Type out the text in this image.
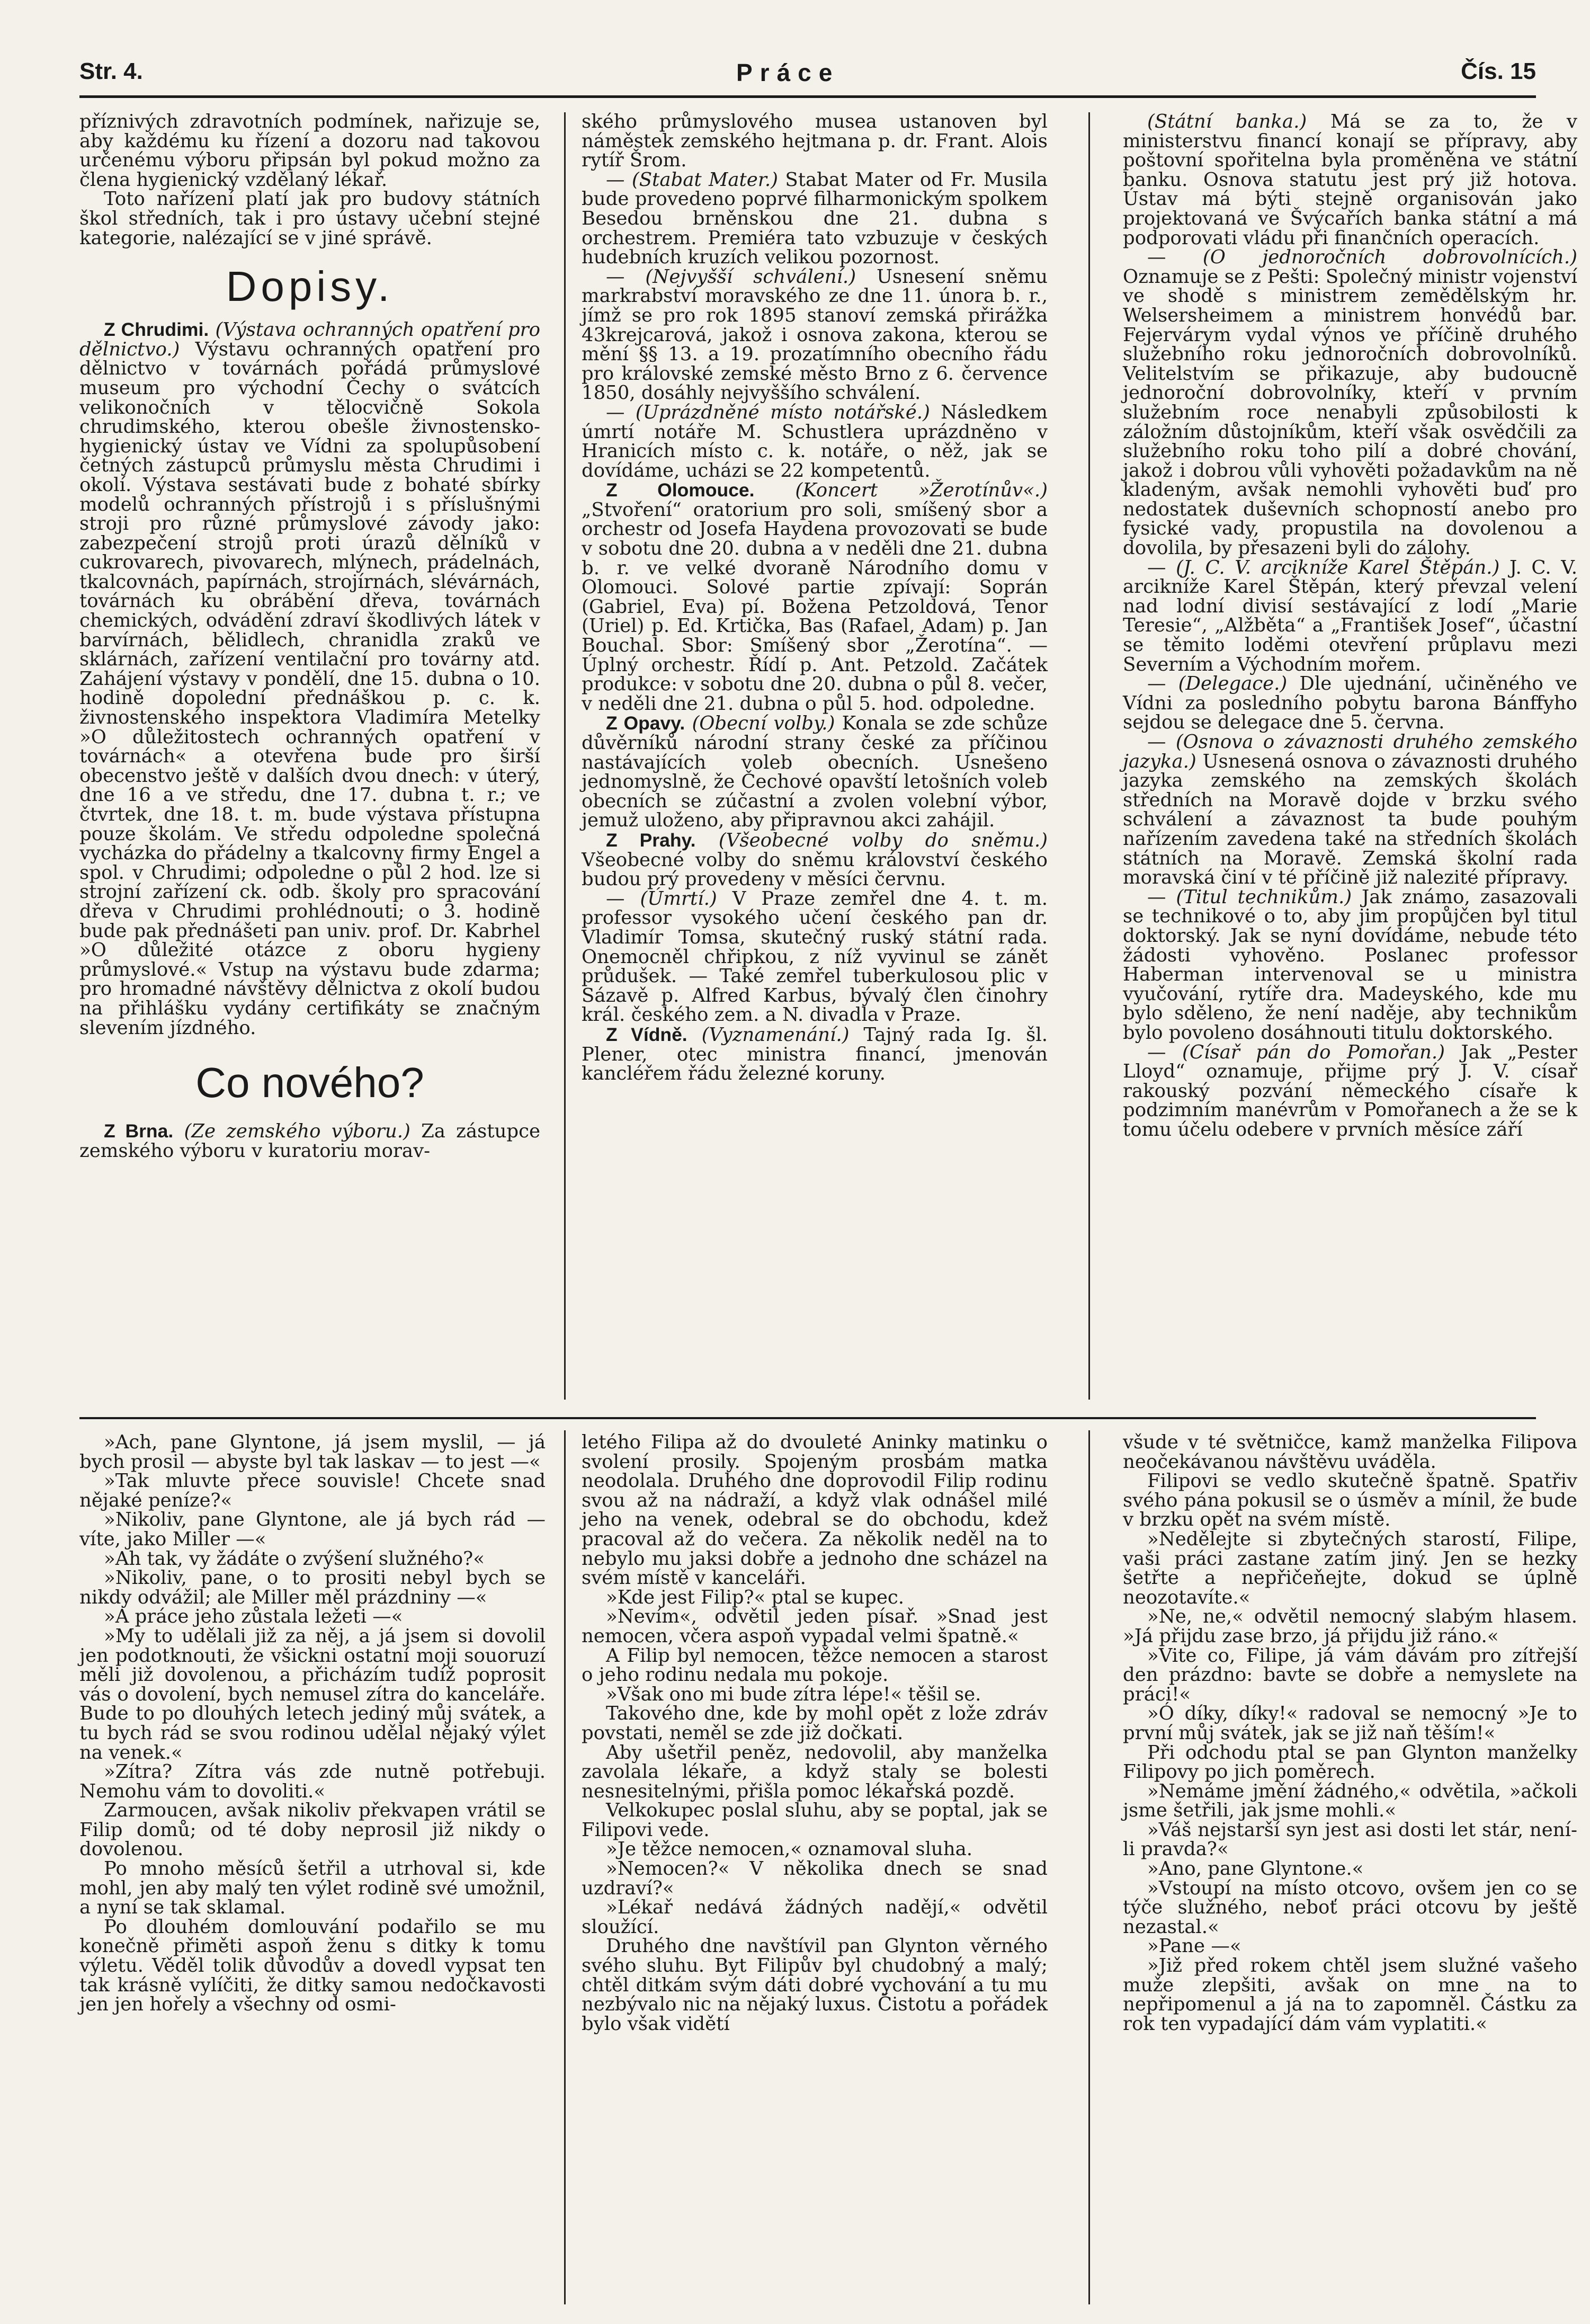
Str. 4.	Práce	Čís. 15

příznivých zdravotních podmínek, nařizuje se, aby každému ku řízení a dozoru nad takovou určenému výboru připsán byl pokud možno za člena hygienický vzdělaný lékař.

Toto nařízení platí jak pro budovy státních škol středních, tak i pro ústavy učební stejné kategorie, nalézající se v jiné správě.

Dopisy.

Z Chrudimi. (Výstava ochranných opatření pro dělnictvo.) Výstavu ochranných opatření pro dělnictvo v továrnách pořádá průmyslové museum pro východní Čechy o svátcích velikonočních v tělocvičně Sokola chrudimského, kterou obešle živnostensko-hygienický ústav ve Vídni za spolupůsobení četných zástupců průmyslu města Chrudimi i okolí. Výstava sestávati bude z bohaté sbírky modelů ochranných přístrojů i s příslušnými stroji pro různé průmyslové závody jako: zabezpečení strojů proti úrazů dělníků v cukrovarech, pivovarech, mlýnech, prádelnách, tkalcovnách, papírnách, strojírnách, slévárnách, továrnách ku obrábění dřeva, továrnách chemických, odvádění zdraví škodlivých látek v barvírnách, bělidlech, chranidla zraků ve sklárnách, zařízení ventilační pro továrny atd. Zahájení výstavy v pondělí, dne 15. dubna o 10. hodině dopolední přednáškou p. c. k. živnostenského inspektora Vladimíra Metelky »O důležitostech ochranných opatření v továrnách« a otevřena bude pro širší obecenstvo ještě v dalších dvou dnech: v úterý, dne 16 a ve středu, dne 17. dubna t. r.; ve čtvrtek, dne 18. t. m. bude výstava přístupna pouze školám. Ve středu odpoledne společná vycházka do přádelny a tkalcovny firmy Engel a spol. v Chrudimi; odpoledne o půl 2 hod. lze si strojní zařízení ck. odb. školy pro spracování dřeva v Chrudimi prohlédnouti; o 3. hodině bude pak přednášeti pan univ. prof. Dr. Kabrhel »O důležité otázce z oboru hygieny průmyslové.« Vstup na výstavu bude zdarma; pro hromadné návštěvy dělnictva z okolí budou na přihlášku vydány certifikáty se značným slevením jízdného.

Co nového?

Z Brna. (Ze zemského výboru.) Za zástupce zemského výboru v kuratoriu morav-

ského průmyslového musea ustanoven byl náměstek zemského hejtmana p. dr. Frant. Alois rytíř Šrom.

— (Stabat Mater.) Stabat Mater od Fr. Musila bude provedeno poprvé filharmonickým spolkem Besedou brněnskou dne 21. dubna s orchestrem. Premiéra tato vzbuzuje v českých hudebních kruzích velikou pozornost.

— (Nejvyšší schválení.) Usnesení sněmu markrabství moravského ze dne 11. února b. r., jímž se pro rok 1895 stanoví zemská přirážka 43krejcarová, jakož i osnova zakona, kterou se mění §§ 13. a 19. prozatímního obecního řádu pro královské zemské město Brno z 6. července 1850, dosáhly nejvyššího schválení.

— (Uprázdněné místo notářské.) Následkem úmrtí notáře M. Schustlera uprázdněno v Hranicích místo c. k. notáře, o něž, jak se dovídáme, ucházi se 22 kompetentů.

Z Olomouce. (Koncert »Žerotínův«.) „Stvoření“ oratorium pro soli, smíšený sbor a orchestr od Josefa Haydena provozovati se bude v sobotu dne 20. dubna a v neděli dne 21. dubna b. r. ve velké dvoraně Národního domu v Olomouci. Solové partie zpívají: Soprán (Gabriel, Eva) pí. Božena Petzoldová, Tenor (Uriel) p. Ed. Krtička, Bas (Rafael, Adam) p. Jan Bouchal. Sbor: Smíšený sbor „Žerotína“. — Úplný orchestr. Řídí p. Ant. Petzold. Začátek produkce: v sobotu dne 20. dubna o půl 8. večer, v neděli dne 21. dubna o půl 5. hod. odpoledne.

Z Opavy. (Obecní volby.) Konala se zde schůze důvěrníků národní strany české za příčinou nastávajících voleb obecních. Usnešeno jednomyslně, že Čechové opavští letošních voleb obecních se zúčastní a zvolen volební výbor, jemuž uloženo, aby připravnou akci zahájil.

Z Prahy. (Všeobecné volby do sněmu.) Všeobecné volby do sněmu království českého budou prý provedeny v měsíci červnu.

— (Úmrtí.) V Praze zemřel dne 4. t. m. professor vysokého učení českého pan dr. Vladimír Tomsa, skutečný ruský státní rada. Onemocněl chřipkou, z níž vyvinul se zánět průdušek. — Také zemřel tuberkulosou plic v Sázavě p. Alfred Karbus, bývalý člen činohry král. českého zem. a N. divadla v Praze.

Z Vídně. (Vyznamenání.) Tajný rada Ig. šl. Plener, otec ministra financí, jmenován kancléřem řádu železné koruny.

(Státní banka.) Má se za to, že v ministerstvu financí konají se přípravy, aby poštovní spořitelna byla proměněna ve státní banku. Osnova statutu jest prý již hotova. Ústav má býti stejně organisován jako projektovaná ve Švýcařích banka státní a má podporovati vládu při finančních operacích.

— (O jednoročních dobrovolnících.) Oznamuje se z Pešti: Společný ministr vojenství ve shodě s ministrem zemědělským hr. Welsersheimem a ministrem honvédů bar. Fejervárym vydal výnos ve příčině druhého služebního roku jednoročních dobrovolníků. Velitelstvím se přikazuje, aby budoucně jednoroční dobrovolníky, kteří v prvním služebním roce nenabyli způsobilosti k záložním důstojníkům, kteří však osvědčili za služebního roku toho pilí a dobré chování, jakož i dobrou vůli vyhověti požadavkům na ně kladeným, avšak nemohli vyhověti buď pro nedostatek duševních schopností anebo pro fysické vady, propustila na dovolenou a dovolila, by přesazeni byli do zálohy.

— (J. C. V. arcikníže Karel Štěpán.) J. C. V. arcikníže Karel Štěpán, který převzal velení nad lodní divisí sestávající z lodí „Marie Teresie“, „Alžběta“ a „František Josef“, účastní se těmito loděmi otevření průplavu mezi Severním a Východním mořem.

— (Delegace.) Dle ujednání, učiněného ve Vídni za posledního pobytu barona Bánffyho sejdou se delegace dne 5. června.

— (Osnova o závaznosti druhého zemského jazyka.) Usnesená osnova o závaznosti druhého jazyka zemského na zemských školách středních na Moravě dojde v brzku svého schválení a závaznost ta bude pouhým nařízením zavedena také na středních školách státních na Moravě. Zemská školní rada moravská činí v té příčině již nalezité přípravy.

— (Titul technikům.) Jak známo, zasazovali se technikové o to, aby jim propůjčen byl titul doktorský. Jak se nyní dovídáme, nebude této žádosti vyhověno. Poslanec professor Haberman intervenoval se u ministra vyučování, rytíře dra. Madeyského, kde mu bylo sděleno, že není naděje, aby technikům bylo povoleno dosáhnouti titulu doktorského.

— (Císař pán do Pomořan.) Jak „Pester Lloyd“ oznamuje, přijme prý J. V. císař rakouský pozvání německého císaře k podzimním manévrům v Pomořanech a že se k tomu účelu odebere v prvních měsíce září

»Ach, pane Glyntone, já jsem myslil, — já bych prosil — abyste byl tak laskav — to jest —«

»Tak mluvte přece souvisle! Chcete snad nějaké peníze?«

»Nikoliv, pane Glyntone, ale já bych rád — víte, jako Miller —«

»Ah tak, vy žádáte o zvýšení služného?«

»Nikoliv, pane, o to prositi nebyl bych se nikdy odvážil; ale Miller měl prázdniny —«

»A práce jeho zůstala ležeti —«

»My to udělali již za něj, a já jsem si dovolil jen podotknouti, že všickni ostatní moji souoruzí měli již dovolenou, a přicházím tudíž poprosit vás o dovolení, bych nemusel zítra do kanceláře. Bude to po dlouhých letech jediný můj svátek, a tu bych rád se svou rodinou udělal nějaký výlet na venek.«

»Zítra? Zítra vás zde nutně potřebuji. Nemohu vám to dovoliti.«

Zarmoucen, avšak nikoliv překvapen vrátil se Filip domů; od té doby neprosil již nikdy o dovolenou.

Po mnoho měsíců šetřil a utrhoval si, kde mohl, jen aby malý ten výlet rodině své umožnil, a nyní se tak sklamal.

Po dlouhém domlouvání podařilo se mu konečně přiměti aspoň ženu s ditky k tomu výletu. Věděl tolik důvodův a dovedl vypsat ten tak krásně vylíčiti, že ditky samou nedočkavosti jen jen hořely a všechny od osmi-

letého Filipa až do dvouleté Aninky matinku o svolení prosily. Spojeným prosbám matka neodolala. Druhého dne doprovodil Filip rodinu svou až na nádraží, a když vlak odnášel milé jeho na venek, odebral se do obchodu, kdež pracoval až do večera. Za několik neděl na to nebylo mu jaksi dobře a jednoho dne scházel na svém místě v kanceláři.

»Kde jest Filip?« ptal se kupec.

»Nevím«, odvětil jeden písař. »Snad jest nemocen, včera aspoň vypadal velmi špatně.«

A Filip byl nemocen, těžce nemocen a starost o jeho rodinu nedala mu pokoje.

»Však ono mi bude zítra lépe!« těšil se.

Takového dne, kde by mohl opět z lože zdráv povstati, neměl se zde již dočkati.

Aby ušetřil peněz, nedovolil, aby manželka zavolala lékaře, a když staly se bolesti nesnesitelnými, přišla pomoc lékařská pozdě.

Velkokupec poslal sluhu, aby se poptal, jak se Filipovi vede.

»Je těžce nemocen,« oznamoval sluha.

»Nemocen?« V několika dnech se snad uzdraví?«

»Lékař nedává žádných nadějí,« odvětil sloužící.

Druhého dne navštívil pan Glynton věrného svého sluhu. Byt Filipův byl chudobný a malý; chtěl ditkám svým dáti dobré vychování a tu mu nezbývalo nic na nějaký luxus. Čistotu a pořádek bylo však vidětí

všude v té světničce, kamž manželka Filipova neočekávanou návštěvu uváděla.

Filipovi se vedlo skutečně špatně. Spatřiv svého pána pokusil se o úsměv a mínil, že bude v brzku opět na svém místě.

»Nedělejte si zbytečných starostí, Filipe, vaši práci zastane zatím jiný. Jen se hezky šetřte a nepřičeňejte, dokud se úplně neozotavíte.«

»Ne, ne,« odvětil nemocný slabým hlasem. »Já přijdu zase brzo, já přijdu již ráno.«

»Vite co, Filipe, já vám dávám pro zítřejší den prázdno: bavte se dobře a nemyslete na práci!«

»Ó díky, díky!« radoval se nemocný »Je to první můj svátek, jak se již naň těším!«

Při odchodu ptal se pan Glynton manželky Filipovy po jich poměrech.

»Nemáme jmění žádného,« odvětila, »ačkoli jsme šetřili, jak jsme mohli.«

»Váš nejstarší syn jest asi dosti let stár, není-li pravda?«

»Ano, pane Glyntone.«

»Vstoupí na místo otcovo, ovšem jen co se týče služného, neboť práci otcovu by ještě nezastal.«

»Pane —«

»Již před rokem chtěl jsem služné vašeho muže zlepšiti, avšak on mne na to nepřipomenul a já na to zapomněl. Částku za rok ten vypadající dám vám vyplatiti.«
